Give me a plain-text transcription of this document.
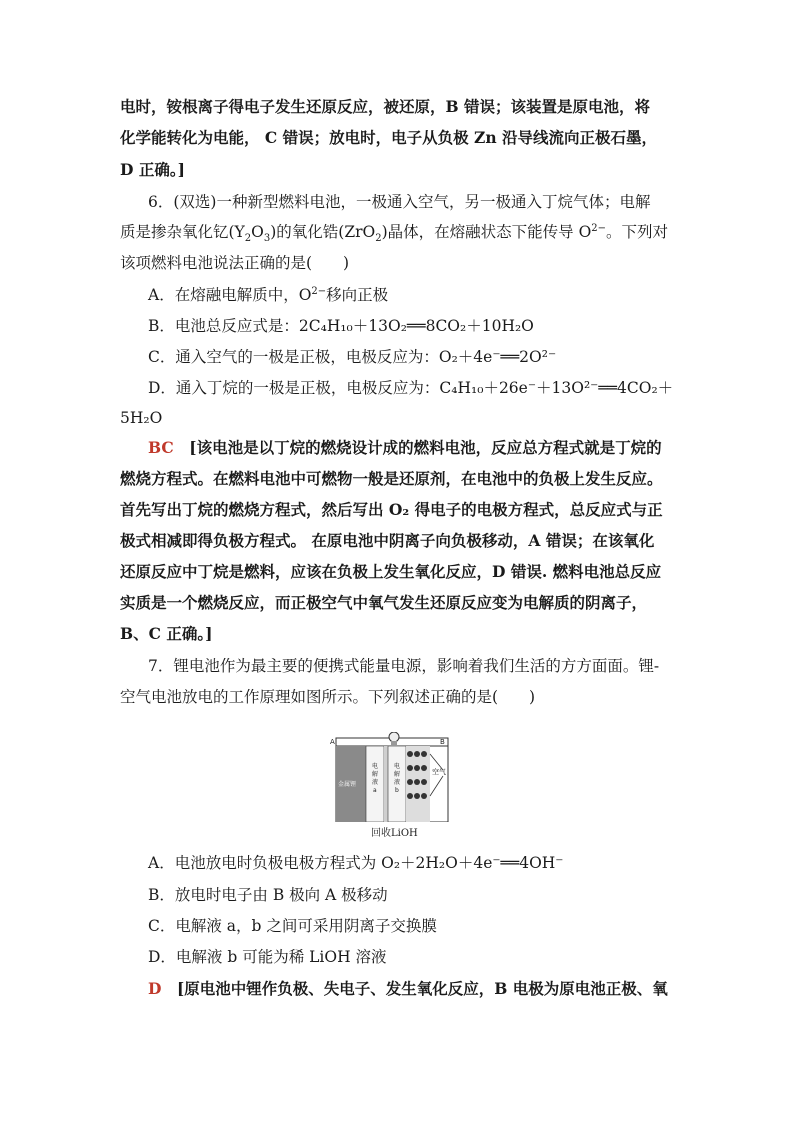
电时，铵根离子得电子发生还原反应，被还原，B 错误；该装置是原电池，将
化学能转化为电能， C 错误；放电时，电子从负极 Zn 沿导线流向正极石墨，
D 正确。]
6．(双选)一种新型燃料电池，一极通入空气，另一极通入丁烷气体；电解
质是掺杂氧化钇$(Y_2O_3)$的氧化锆(ZrO$_2$)晶体，在熔融状态下能传导 $O^{2-}$。下列对
该项燃料电池说法正确的是(　　)
A．在熔融电解质中，$O^{2-}$移向正极
B．电池总反应式是：2C₄H₁₀＋13O₂══8CO₂＋10H₂O
C．通入空气的一极是正极，电极反应为：O₂＋4e⁻══2O²⁻
D．通入丁烷的一极是正极，电极反应为：C₄H₁₀＋26e⁻＋13O²⁻══4CO₂＋
5H₂O
BC　 [该电池是以丁烷的燃烧设计成的燃料电池，反应总方程式就是丁烷的
燃烧方程式。在燃料电池中可燃物一般是还原剂，在电池中的负极上发生反应。
首先写出丁烷的燃烧方程式，然后写出 O₂ 得电子的电极方程式，总反应式与正
极式相减即得负极方程式。 在原电池中阴离子向负极移动，A 错误；在该氧化
还原反应中丁烷是燃料，应该在负极上发生氧化反应，D 错误. 燃料电池总反应
实质是一个燃烧反应，而正极空气中氧气发生还原反应变为电解质的阴离子，
B、C 正确。]
7．锂电池作为最主要的便携式能量电源，影响着我们生活的方方面面。锂-
空气电池放电的工作原理如图所示。下列叙述正确的是(　　)
A	B
金属锂
电
解
液
a
电
解
液
b
空气
回收LiOH
A．电池放电时负极电极方程式为 O₂＋2H₂O＋4e⁻══4OH⁻
B．放电时电子由 B 极向 A 极移动
C．电解液 a，b 之间可采用阴离子交换膜
D．电解液 b 可能为稀 LiOH 溶液
D　 [原电池中锂作负极、失电子、发生氧化反应，B 电极为原电池正极、氧
